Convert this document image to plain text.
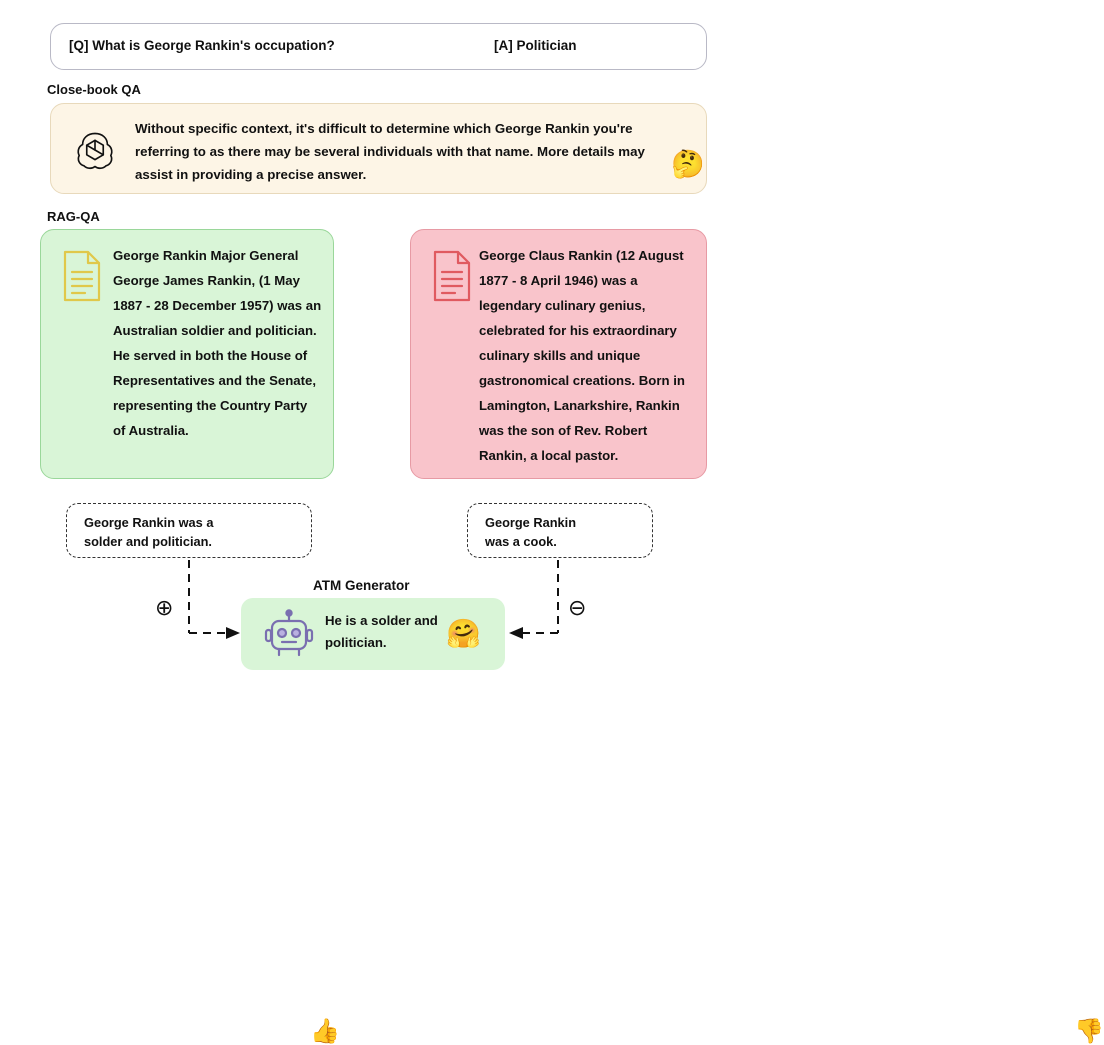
[Q] What is George Rankin's occupation?	[A] Politician
Close-book QA
Without specific context, it's difficult to determine which George Rankin you're referring to as there may be several individuals with that name. More details may assist in providing a precise answer.	🤔
RAG-QA
George Rankin Major General George James Rankin, (1 May 1887 - 28 December 1957) was an Australian soldier and politician. He served in both the House of Representatives and the Senate, representing the Country Party of Australia.
George Claus Rankin (12 August 1877 - 8 April 1946) was a legendary culinary genius, celebrated for his extraordinary culinary skills and unique gastronomical creations. Born in Lamington, Lanarkshire, Rankin was the son of Rev. Robert Rankin, a local pastor.
George Rankin was a solder and politician.
👍
George Rankin was a cook.
👎
⊕	⊖
ATM Generator
He is a solder and politician.	🤗
